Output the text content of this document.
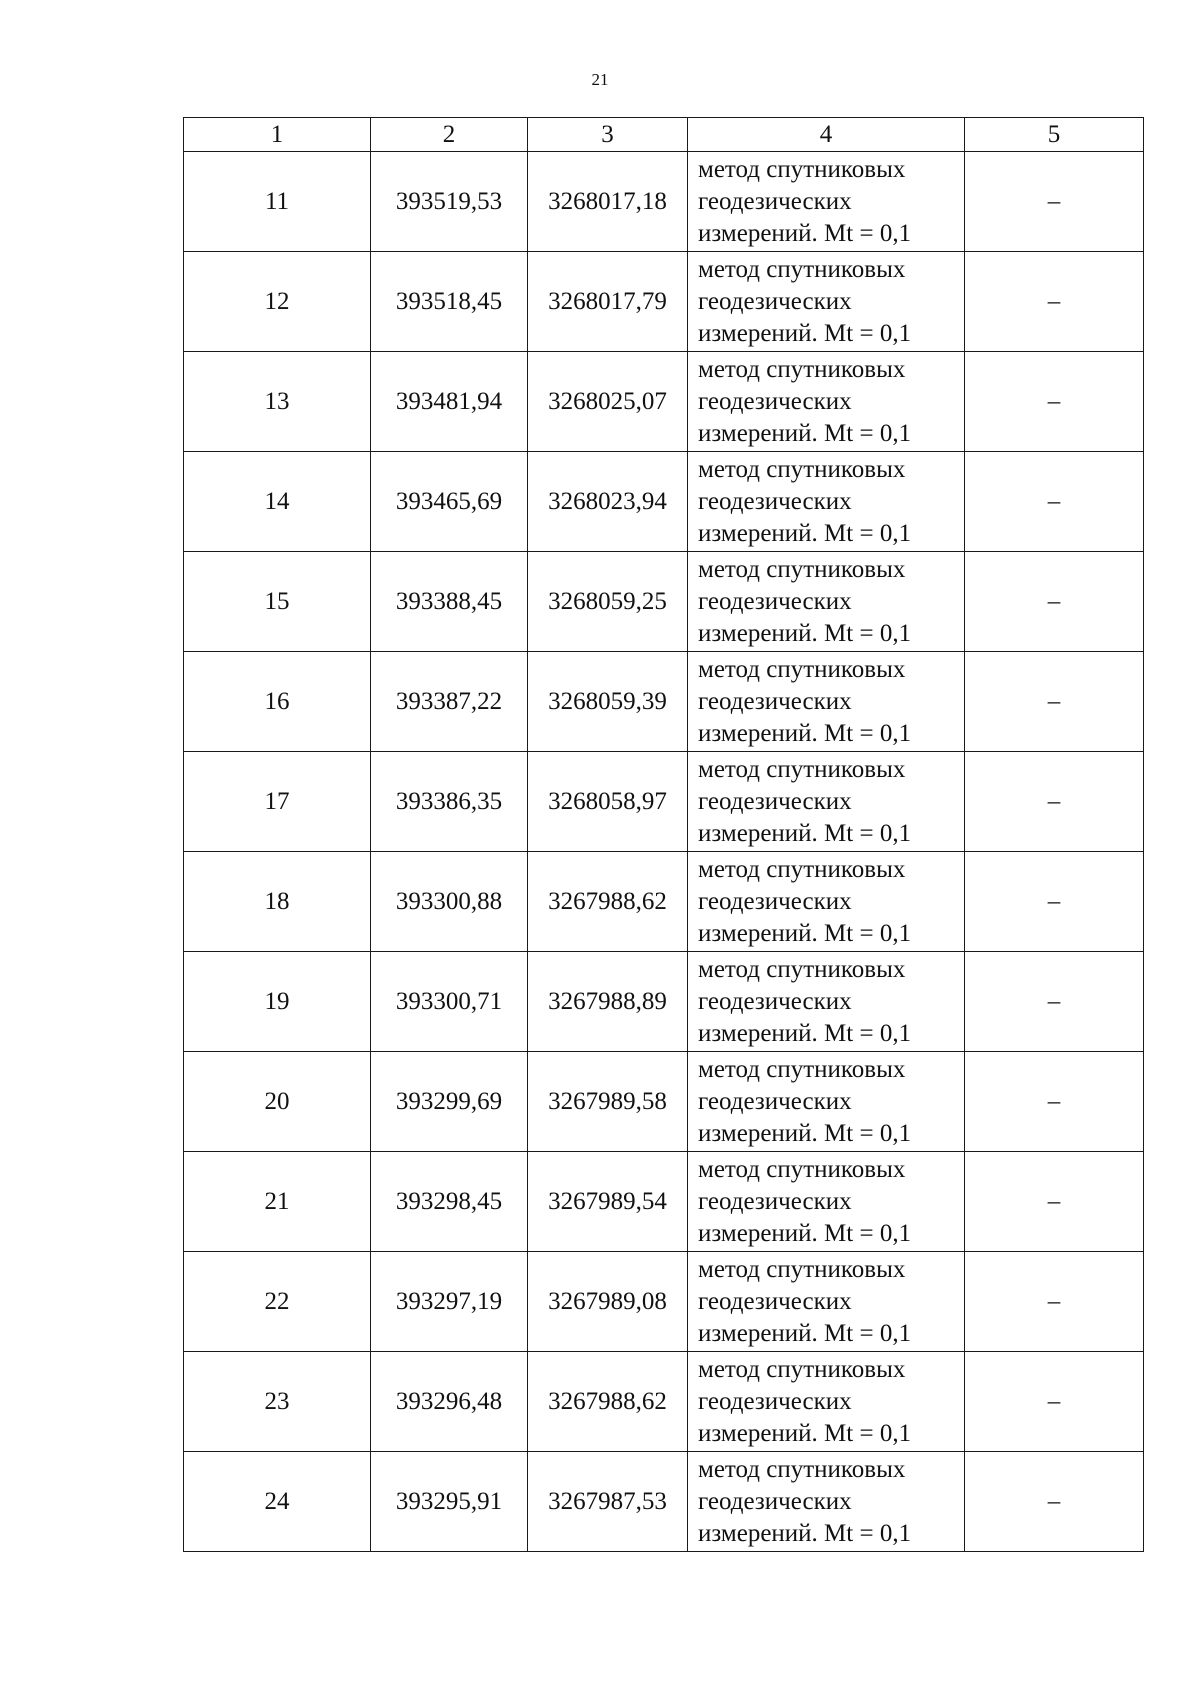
21
1	2	3	4	5
11	393519,53	3268017,18	метод спутниковых
геодезических
измерений. Mt = 0,1	–
12	393518,45	3268017,79	метод спутниковых
геодезических
измерений. Mt = 0,1	–
13	393481,94	3268025,07	метод спутниковых
геодезических
измерений. Mt = 0,1	–
14	393465,69	3268023,94	метод спутниковых
геодезических
измерений. Mt = 0,1	–
15	393388,45	3268059,25	метод спутниковых
геодезических
измерений. Mt = 0,1	–
16	393387,22	3268059,39	метод спутниковых
геодезических
измерений. Mt = 0,1	–
17	393386,35	3268058,97	метод спутниковых
геодезических
измерений. Mt = 0,1	–
18	393300,88	3267988,62	метод спутниковых
геодезических
измерений. Mt = 0,1	–
19	393300,71	3267988,89	метод спутниковых
геодезических
измерений. Mt = 0,1	–
20	393299,69	3267989,58	метод спутниковых
геодезических
измерений. Mt = 0,1	–
21	393298,45	3267989,54	метод спутниковых
геодезических
измерений. Mt = 0,1	–
22	393297,19	3267989,08	метод спутниковых
геодезических
измерений. Mt = 0,1	–
23	393296,48	3267988,62	метод спутниковых
геодезических
измерений. Mt = 0,1	–
24	393295,91	3267987,53	метод спутниковых
геодезических
измерений. Mt = 0,1	–
